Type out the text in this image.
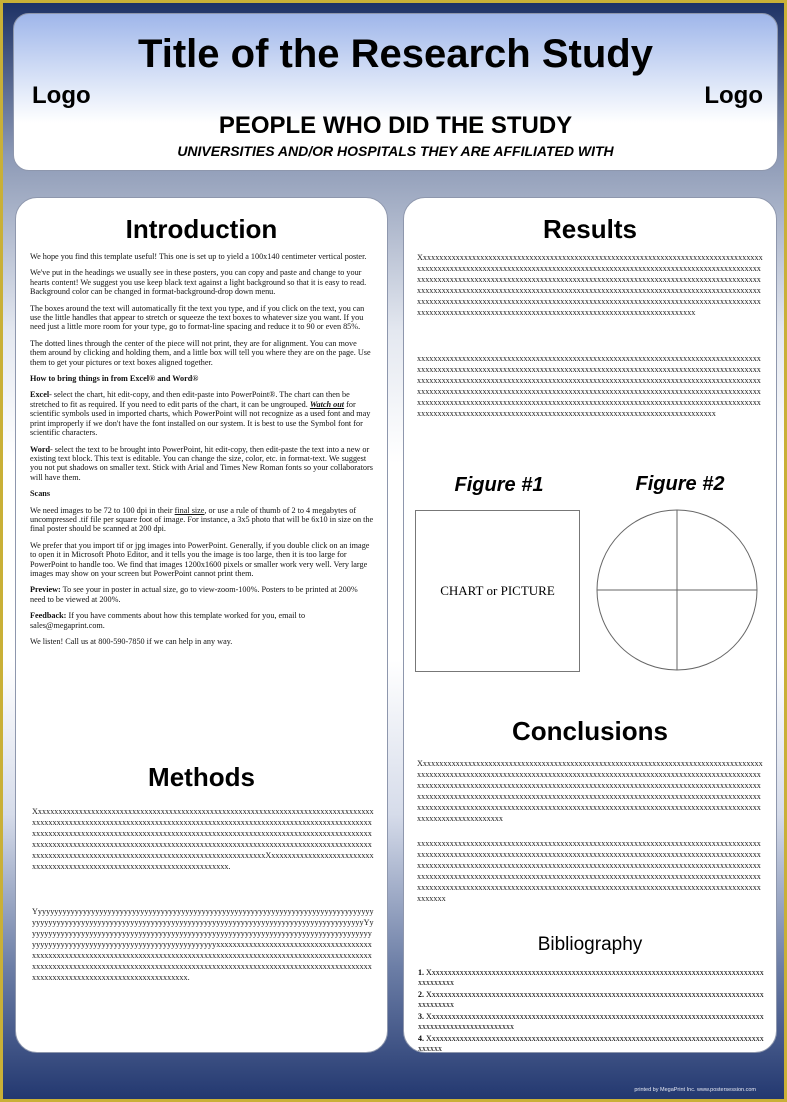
Title of the Research Study
Logo	Logo
PEOPLE WHO DID THE STUDY
UNIVERSITIES AND/OR HOSPITALS THEY ARE AFFILIATED WITH
Introduction

We hope you find this template useful! This one is set up to yield a 100x140 centimeter vertical poster.

We've put in the headings we usually see in these posters, you can copy and paste and change to your hearts content! We suggest you use keep black text against a light background so that it is easy to read. Background color can be changed in format-background-drop down menu.

The boxes around the text will automatically fit the text you type, and if you click on the text, you can use the little handles that appear to stretch or squeeze the text boxes to whatever size you want. If you need just a little more room for your type, go to format-line spacing and reduce it to 90 or even 85%.

The dotted lines through the center of the piece will not print, they are for alignment. You can move them around by clicking and holding them, and a little box will tell you where they are on the page. Use them to get your pictures or text boxes aligned together.

How to bring things in from Excel® and Word®

Excel- select the chart, hit edit-copy, and then edit-paste into PowerPoint®. The chart can then be stretched to fit as required. If you need to edit parts of the chart, it can be ungrouped. Watch out for scientific symbols used in imported charts, which PowerPoint will not recognize as a used font and may print improperly if we don't have the font installed on our system. It is best to use the Symbol font for scientific characters.

Word- select the text to be brought into PowerPoint, hit edit-copy, then edit-paste the text into a new or existing text block. This text is editable. You can change the size, color, etc. in format-text. We suggest you not put shadows on smaller text. Stick with Arial and Times New Roman fonts so your collaborators will have them.

Scans

We need images to be 72 to 100 dpi in their final size, or use a rule of thumb of 2 to 4 megabytes of uncompressed .tif file per square foot of image. For instance, a 3x5 photo that will be 6x10 in size on the final poster should be scanned at 200 dpi.

We prefer that you import tif or jpg images into PowerPoint. Generally, if you double click on an image to open it in Microsoft Photo Editor, and it tells you the image is too large, then it is too large for PowerPoint to handle too. We find that images 1200x1600 pixels or smaller work very well. Very large images may show on your screen but PowerPoint cannot print them.

Preview: To see your in poster in actual size, go to view-zoom-100%. Posters to be printed at 200% need to be viewed at 200%.

Feedback: If you have comments about how this template worked for you, email to sales@megaprint.com.

We listen! Call us at 800-590-7850 if we can help in any way.

Methods

XxxxxxxxxxxxxxxxxxxxxxxxxxxxxxxxxxxxxxxxxxxxxxxxxxxxxxxxxxxxxxxxxxxxxxxxxxxxxxxxxxxxxxxxxxxxxxxxxxxxxxxxxxxxxxxxxxxxxxxxxxxxxxxxxxxxxxxxxxxxxxxxxxxxxxxxxxxxxxxxxxxxxxxxxxxxxxxxxxxxxxxxxxxxxxxxxxxxxxxxxxxxxxxxxxxxxxxxxxxxxxxxxxxxxxxxxxxxxxxxxxxxxxxxxxxxxxxxxxxxxxxxxxxxxxxxxxxxxxxxxxxxxxxxxxxxxxxxxxxxxxxxxxxxxxxxxxxxxxxxxxxxxxxxxxxxxxxxxxxxxxxxxxxxxxxxxxxxxxxxxxxxxxxxxxxxxxxxxxxxxxxxxxxxxXxxxxxxxxxxxxxxxxxxxxxxxxxxxxxxxxxxxxxxxxxxxxxxxxxxxxxxxxxxxxxxxxxxxxxxxxx.

YyyyyyyyyyyyyyyyyyyyyyyyyyyyyyyyyyyyyyyyyyyyyyyyyyyyyyyyyyyyyyyyyyyyyyyyyyyyyyyyyyyyyyyyyyyyyyyyyyyyyyyyyyyyyyyyyyyyyyyyyyyyyyyyyyyyyyyyyyyyyyyyyyyyyyyyyyyyyyyyyyyyYyyyyyyyyyyyyyyyyyyyyyyyyyyyyyyyyyyyyyyyyyyyyyyyyyyyyyyyyyyyyyyyyyyyyyyyyyyyyyyyyyyyyyyyyyyyyyyyyyyyyyyyyyyyyyyyyyyyyyyyyyyyyyyyyyxxxxxxxxxxxxxxxxxxxxxxxxxxxxxxxxxxxxxxxxxxxxxxxxxxxxxxxxxxxxxxxxxxxxxxxxxxxxxxxxxxxxxxxxxxxxxxxxxxxxxxxxxxxxxxxxxxxxxxxxxxxxxxxxxxxxxxxxxxxxxxxxxxxxxxxxxxxxxxxxxxxxxxxxxxxxxxxxxxxxxxxxxxxxxxxxxxxxxxxxxxxxxxxxxxxxxxxxxxxxxxxxxxxxxxxxxxxxxxxxxx.

Results

Xxxxxxxxxxxxxxxxxxxxxxxxxxxxxxxxxxxxxxxxxxxxxxxxxxxxxxxxxxxxxxxxxxxxxxxxxxxxxxxxxxxxxxxxxxxxxxxxxxxxxxxxxxxxxxxxxxxxxxxxxxxxxxxxxxxxxxxxxxxxxxxxxxxxxxxxxxxxxxxxxxxxxxxxxxxxxxxxxxxxxxxxxxxxxxxxxxxxxxxxxxxxxxxxxxxxxxxxxxxxxxxxxxxxxxxxxxxxxxxxxxxxxxxxxxxxxxxxxxxxxxxxxxxxxxxxxxxxxxxxxxxxxxxxxxxxxxxxxxxxxxxxxxxxxxxxxxxxxxxxxxxxxxxxxxxxxxxxxxxxxxxxxxxxxxxxxxxxxxxxxxxxxxxxxxxxxxxxxxxxxxxxxxxxxxxxxxxxxxxxxxxxxxxxxxxxxxxxxxxxxxxxxxxxxxxxxxxxxxxxxxxxxxxxxxxxxxxxxxxxxxxxxxxxxxxxxxxxxxxxxxxxxxxx

xxxxxxxxxxxxxxxxxxxxxxxxxxxxxxxxxxxxxxxxxxxxxxxxxxxxxxxxxxxxxxxxxxxxxxxxxxxxxxxxxxxxxxxxxxxxxxxxxxxxxxxxxxxxxxxxxxxxxxxxxxxxxxxxxxxxxxxxxxxxxxxxxxxxxxxxxxxxxxxxxxxxxxxxxxxxxxxxxxxxxxxxxxxxxxxxxxxxxxxxxxxxxxxxxxxxxxxxxxxxxxxxxxxxxxxxxxxxxxxxxxxxxxxxxxxxxxxxxxxxxxxxxxxxxxxxxxxxxxxxxxxxxxxxxxxxxxxxxxxxxxxxxxxxxxxxxxxxxxxxxxxxxxxxxxxxxxxxxxxxxxxxxxxxxxxxxxxxxxxxxxxxxxxxxxxxxxxxxxxxxxxxxxxxxxxxxxxxxxxxxxxxxxxxxxxxxxxxxxxxxxxxxxxxxxxxxxxxxxxxxxxxxxxxxxxxxxxxxxxxxxxxxxxxxxxxxxxxxxxxxxxxxxxxxxxxx

Figure #1	Figure #2
CHART or PICTURE
Conclusions

Xxxxxxxxxxxxxxxxxxxxxxxxxxxxxxxxxxxxxxxxxxxxxxxxxxxxxxxxxxxxxxxxxxxxxxxxxxxxxxxxxxxxxxxxxxxxxxxxxxxxxxxxxxxxxxxxxxxxxxxxxxxxxxxxxxxxxxxxxxxxxxxxxxxxxxxxxxxxxxxxxxxxxxxxxxxxxxxxxxxxxxxxxxxxxxxxxxxxxxxxxxxxxxxxxxxxxxxxxxxxxxxxxxxxxxxxxxxxxxxxxxxxxxxxxxxxxxxxxxxxxxxxxxxxxxxxxxxxxxxxxxxxxxxxxxxxxxxxxxxxxxxxxxxxxxxxxxxxxxxxxxxxxxxxxxxxxxxxxxxxxxxxxxxxxxxxxxxxxxxxxxxxxxxxxxxxxxxxxxxxxxxxxxxxxxxxxxxxxxxxxxxxxxxxxxxxxxxxxxxxxxxxxxxxxxxxxxxxxxxxx

xxxxxxxxxxxxxxxxxxxxxxxxxxxxxxxxxxxxxxxxxxxxxxxxxxxxxxxxxxxxxxxxxxxxxxxxxxxxxxxxxxxxxxxxxxxxxxxxxxxxxxxxxxxxxxxxxxxxxxxxxxxxxxxxxxxxxxxxxxxxxxxxxxxxxxxxxxxxxxxxxxxxxxxxxxxxxxxxxxxxxxxxxxxxxxxxxxxxxxxxxxxxxxxxxxxxxxxxxxxxxxxxxxxxxxxxxxxxxxxxxxxxxxxxxxxxxxxxxxxxxxxxxxxxxxxxxxxxxxxxxxxxxxxxxxxxxxxxxxxxxxxxxxxxxxxxxxxxxxxxxxxxxxxxxxxxxxxxxxxxxxxxxxxxxxxxxxxxxxxxxxxxxxxxxxxxxxxxxxxxxxxxxxxxxxxxxxxxxxxxxxxxxxxxxxxxxxxxxxxxxxxxxxx

Bibliography
1. Xxxxxxxxxxxxxxxxxxxxxxxxxxxxxxxxxxxxxxxxxxxxxxxxxxxxxxxxxxxxxxxxxxxxxxxxxxxxxxxxxxxxxxxxxxxxx
2. Xxxxxxxxxxxxxxxxxxxxxxxxxxxxxxxxxxxxxxxxxxxxxxxxxxxxxxxxxxxxxxxxxxxxxxxxxxxxxxxxxxxxxxxxxxxxx
3. Xxxxxxxxxxxxxxxxxxxxxxxxxxxxxxxxxxxxxxxxxxxxxxxxxxxxxxxxxxxxxxxxxxxxxxxxxxxxxxxxxxxxxxxxxxxxxxxxxxxxxxxxxxxx
4. Xxxxxxxxxxxxxxxxxxxxxxxxxxxxxxxxxxxxxxxxxxxxxxxxxxxxxxxxxxxxxxxxxxxxxxxxxxxxxxxxxxxxxxxxxx
printed by MegaPrint Inc. www.postersession.com
